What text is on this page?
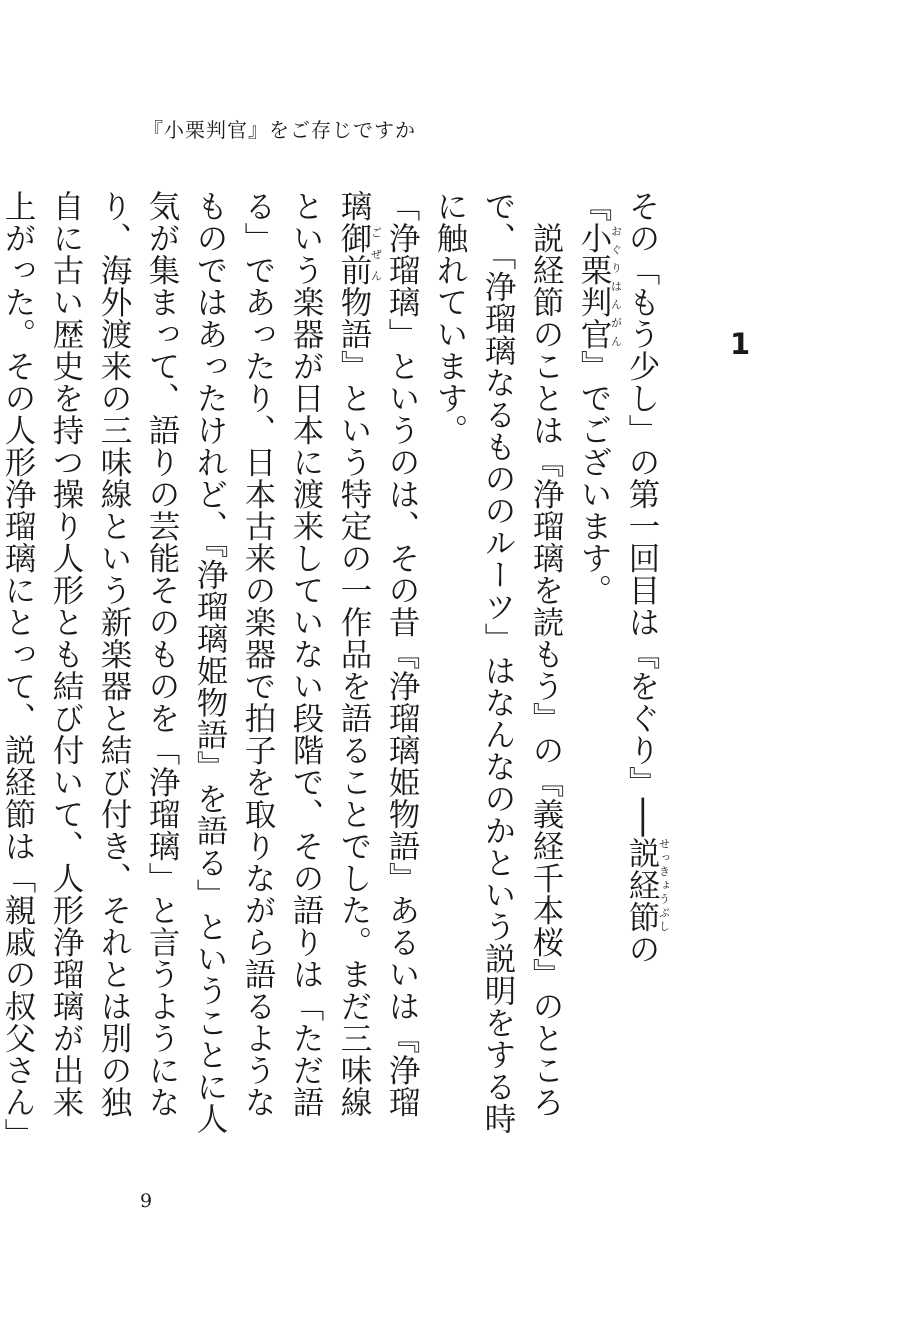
『小栗判官』をご存じですか
1

その「もう少し」の第一回目は『をぐり』──説経節せっきょうぶしの『小栗判官おぐりはんがん』でございます。

説経節のことは『浄瑠璃を読もう』の『義経千本桜』のところで、「浄瑠璃なるもののルーツ」はなんなのかという説明をする時に触れています。

「浄瑠璃」というのは、その昔『浄瑠璃姫物語』あるいは『浄瑠璃御前ごぜん物語』という特定の一作品を語ることでした。まだ三味線という楽器が日本に渡来していない段階で、その語りは「ただ語る」であったり、日本古来の楽器で拍子を取りながら語るようなものではあったけれど、『浄瑠璃姫物語』を語る」ということに人気が集まって、語りの芸能そのものを「浄瑠璃」と言うようになり、海外渡来の三味線という新楽器と結び付き、それとは別の独自に古い歴史を持つ操り人形とも結び付いて、人形浄瑠璃が出来上がった。その人形浄瑠璃にとって、説経節は「親戚の叔父さん」

9
